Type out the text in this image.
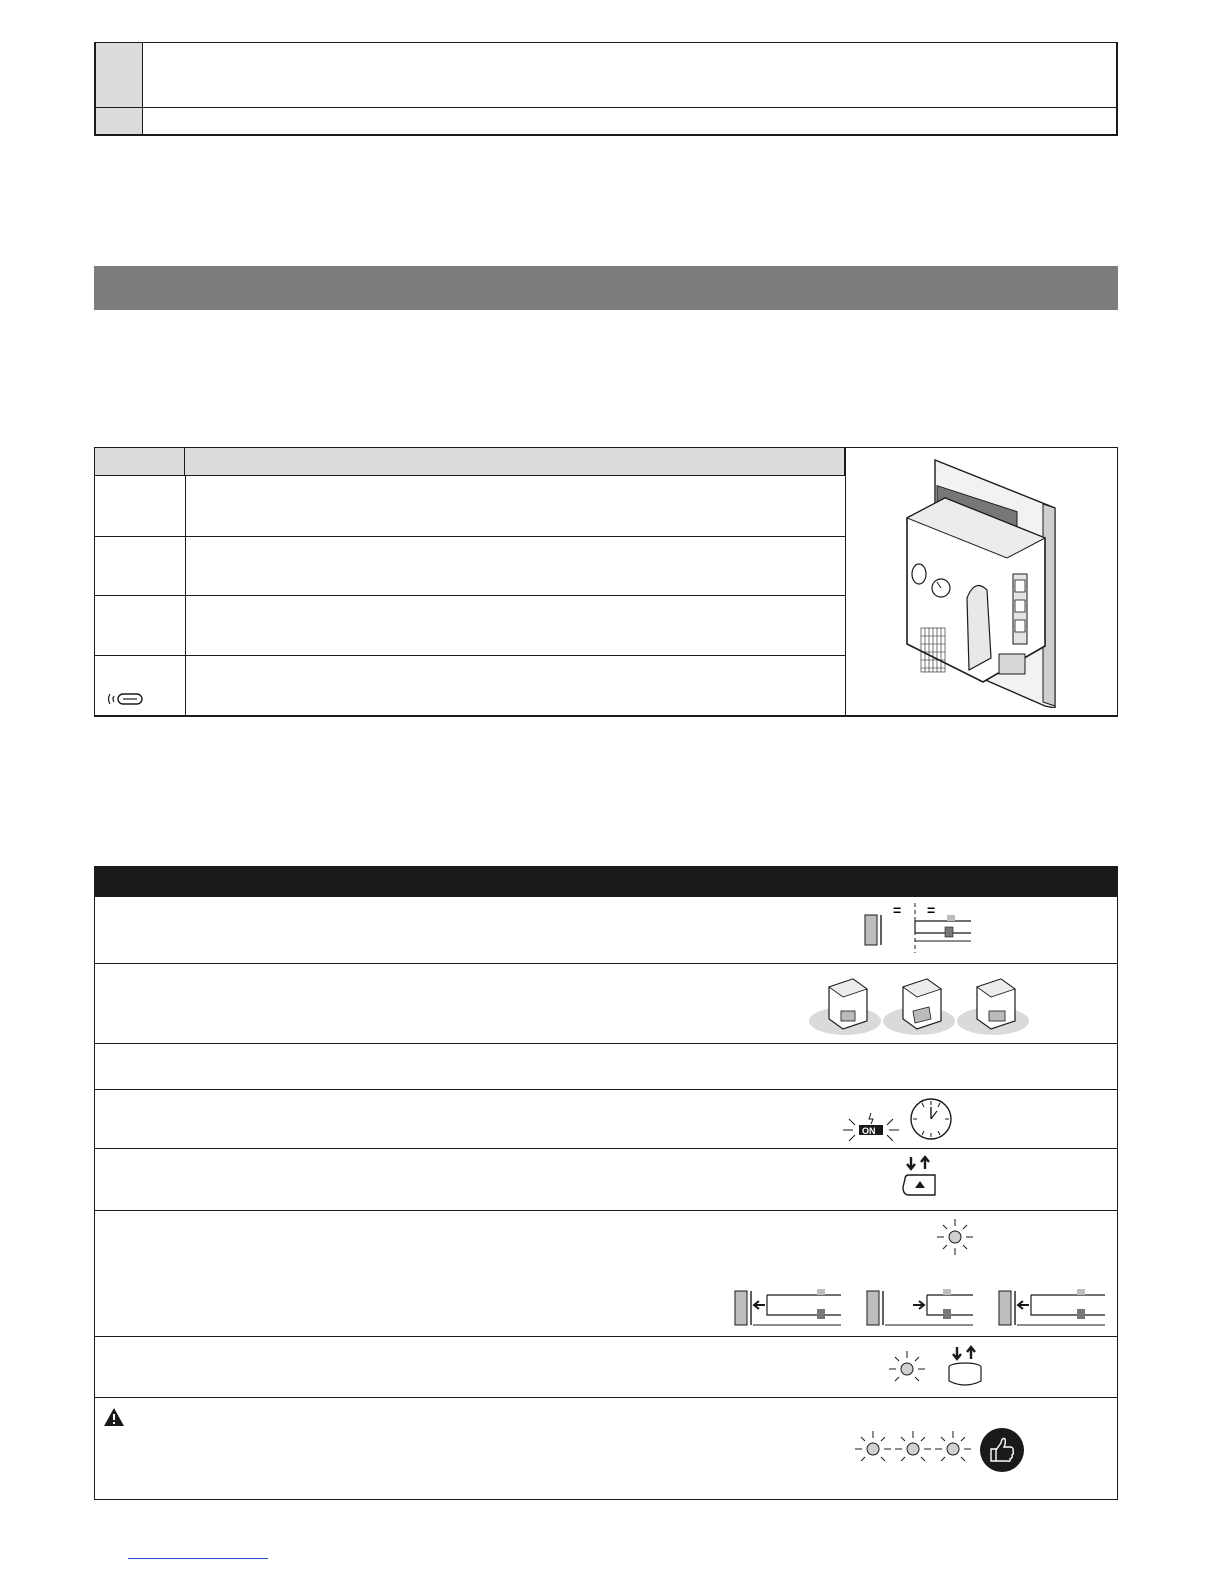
= =
ON
